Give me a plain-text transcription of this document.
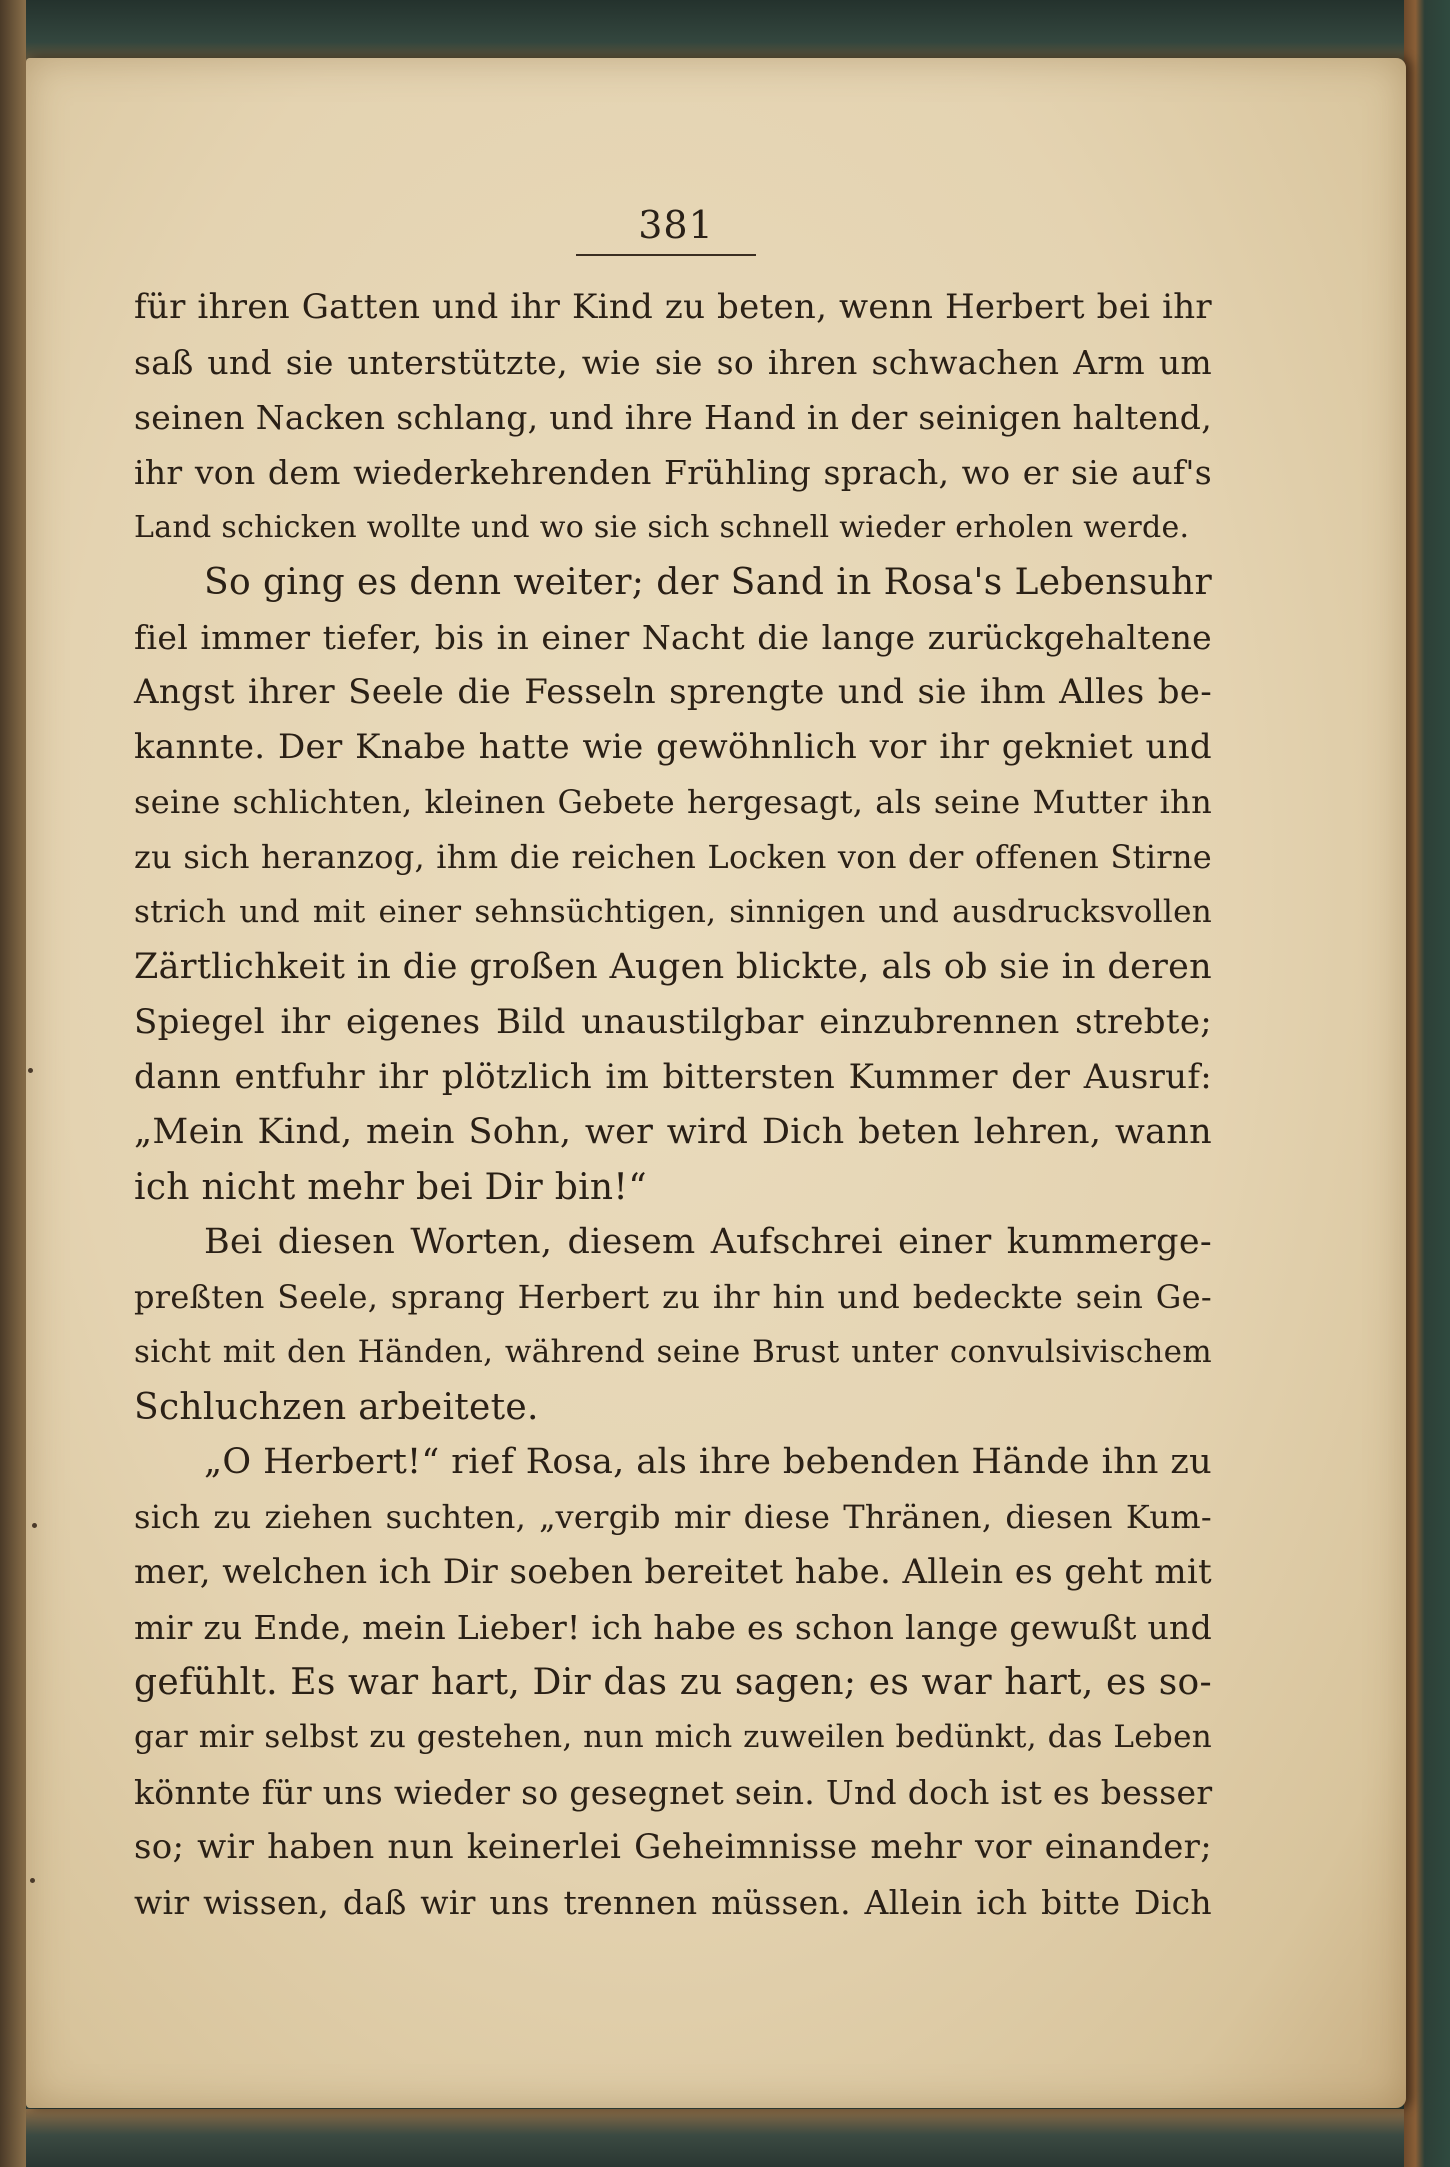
381
für ihren Gatten und ihr Kind zu beten, wenn Herbert bei ihr
saß und sie unterstützte, wie sie so ihren schwachen Arm um
seinen Nacken schlang, und ihre Hand in der seinigen haltend,
ihr von dem wiederkehrenden Frühling sprach, wo er sie auf's
Land schicken wollte und wo sie sich schnell wieder erholen werde.
So ging es denn weiter; der Sand in Rosa's Lebensuhr
fiel immer tiefer, bis in einer Nacht die lange zurückgehaltene
Angst ihrer Seele die Fesseln sprengte und sie ihm Alles be-
kannte. Der Knabe hatte wie gewöhnlich vor ihr gekniet und
seine schlichten, kleinen Gebete hergesagt, als seine Mutter ihn
zu sich heranzog, ihm die reichen Locken von der offenen Stirne
strich und mit einer sehnsüchtigen, sinnigen und ausdrucksvollen
Zärtlichkeit in die großen Augen blickte, als ob sie in deren
Spiegel ihr eigenes Bild unaustilgbar einzubrennen strebte;
dann entfuhr ihr plötzlich im bittersten Kummer der Ausruf:
„Mein Kind, mein Sohn, wer wird Dich beten lehren, wann
ich nicht mehr bei Dir bin!“
Bei diesen Worten, diesem Aufschrei einer kummerge-
preßten Seele, sprang Herbert zu ihr hin und bedeckte sein Ge-
sicht mit den Händen, während seine Brust unter convulsivischem
Schluchzen arbeitete.
„O Herbert!“ rief Rosa, als ihre bebenden Hände ihn zu
sich zu ziehen suchten, „vergib mir diese Thränen, diesen Kum-
mer, welchen ich Dir soeben bereitet habe. Allein es geht mit
mir zu Ende, mein Lieber! ich habe es schon lange gewußt und
gefühlt. Es war hart, Dir das zu sagen; es war hart, es so-
gar mir selbst zu gestehen, nun mich zuweilen bedünkt, das Leben
könnte für uns wieder so gesegnet sein. Und doch ist es besser
so; wir haben nun keinerlei Geheimnisse mehr vor einander;
wir wissen, daß wir uns trennen müssen. Allein ich bitte Dich
